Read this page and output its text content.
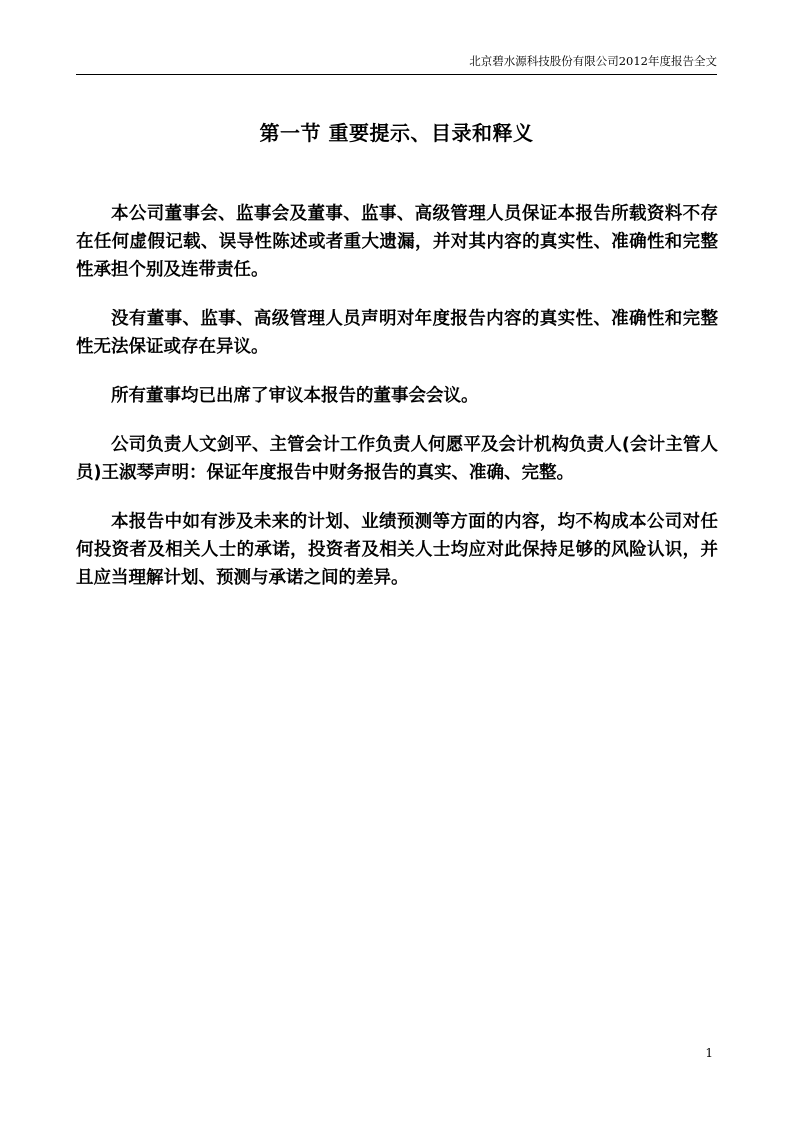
北京碧水源科技股份有限公司2012年度报告全文
第一节 重要提示、目录和释义

本公司董事会、监事会及董事、监事、高级管理人员保证本报告所载资料不存在任何虚假记载、误导性陈述或者重大遗漏，并对其内容的真实性、准确性和完整性承担个别及连带责任。

没有董事、监事、高级管理人员声明对年度报告内容的真实性、准确性和完整性无法保证或存在异议。

所有董事均已出席了审议本报告的董事会会议。

公司负责人文剑平、主管会计工作负责人何愿平及会计机构负责人(会计主管人员)王淑琴声明：保证年度报告中财务报告的真实、准确、完整。

本报告中如有涉及未来的计划、业绩预测等方面的内容，均不构成本公司对任何投资者及相关人士的承诺，投资者及相关人士均应对此保持足够的风险认识，并且应当理解计划、预测与承诺之间的差异。

1
